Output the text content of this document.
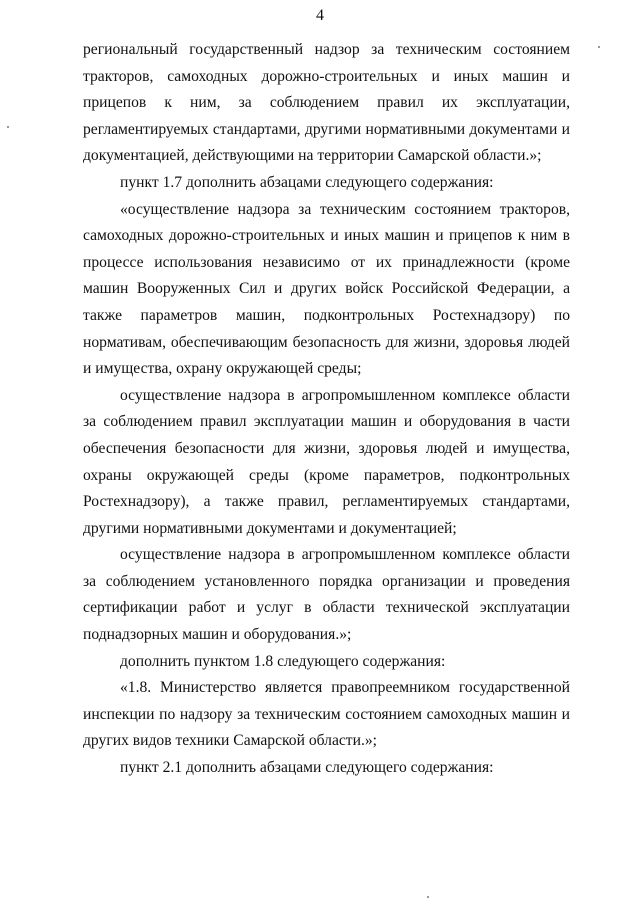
4

региональный государственный надзор за техническим состоянием тракторов, самоходных дорожно-строительных и иных машин и прицепов к ним, за соблюдением правил их эксплуатации, регламентируемых стандартами, другими нормативными документами и документацией, действующими на территории Самарской области.»;

пункт 1.7 дополнить абзацами следующего содержания:

«осуществление надзора за техническим состоянием тракторов, самоходных дорожно-строительных и иных машин и прицепов к ним в процессе использования независимо от их принадлежности (кроме машин Вооруженных Сил и других войск Российской Федерации, а также параметров машин, подконтрольных Ростехнадзору) по нормативам, обеспечивающим безопасность для жизни, здоровья людей и имущества, охрану окружающей среды;

осуществление надзора в агропромышленном комплексе области за соблюдением правил эксплуатации машин и оборудования в части обеспечения безопасности для жизни, здоровья людей и имущества, охраны окружающей среды (кроме параметров, подконтрольных Ростехнадзору), а также правил, регламентируемых стандартами, другими нормативными документами и документацией;

осуществление надзора в агропромышленном комплексе области за соблюдением установленного порядка организации и проведения сертификации работ и услуг в области технической эксплуатации поднадзорных машин и оборудования.»;

дополнить пунктом 1.8 следующего содержания:

«1.8. Министерство является правопреемником государственной инспекции по надзору за техническим состоянием самоходных машин и других видов техники Самарской области.»;

пункт 2.1 дополнить абзацами следующего содержания:
